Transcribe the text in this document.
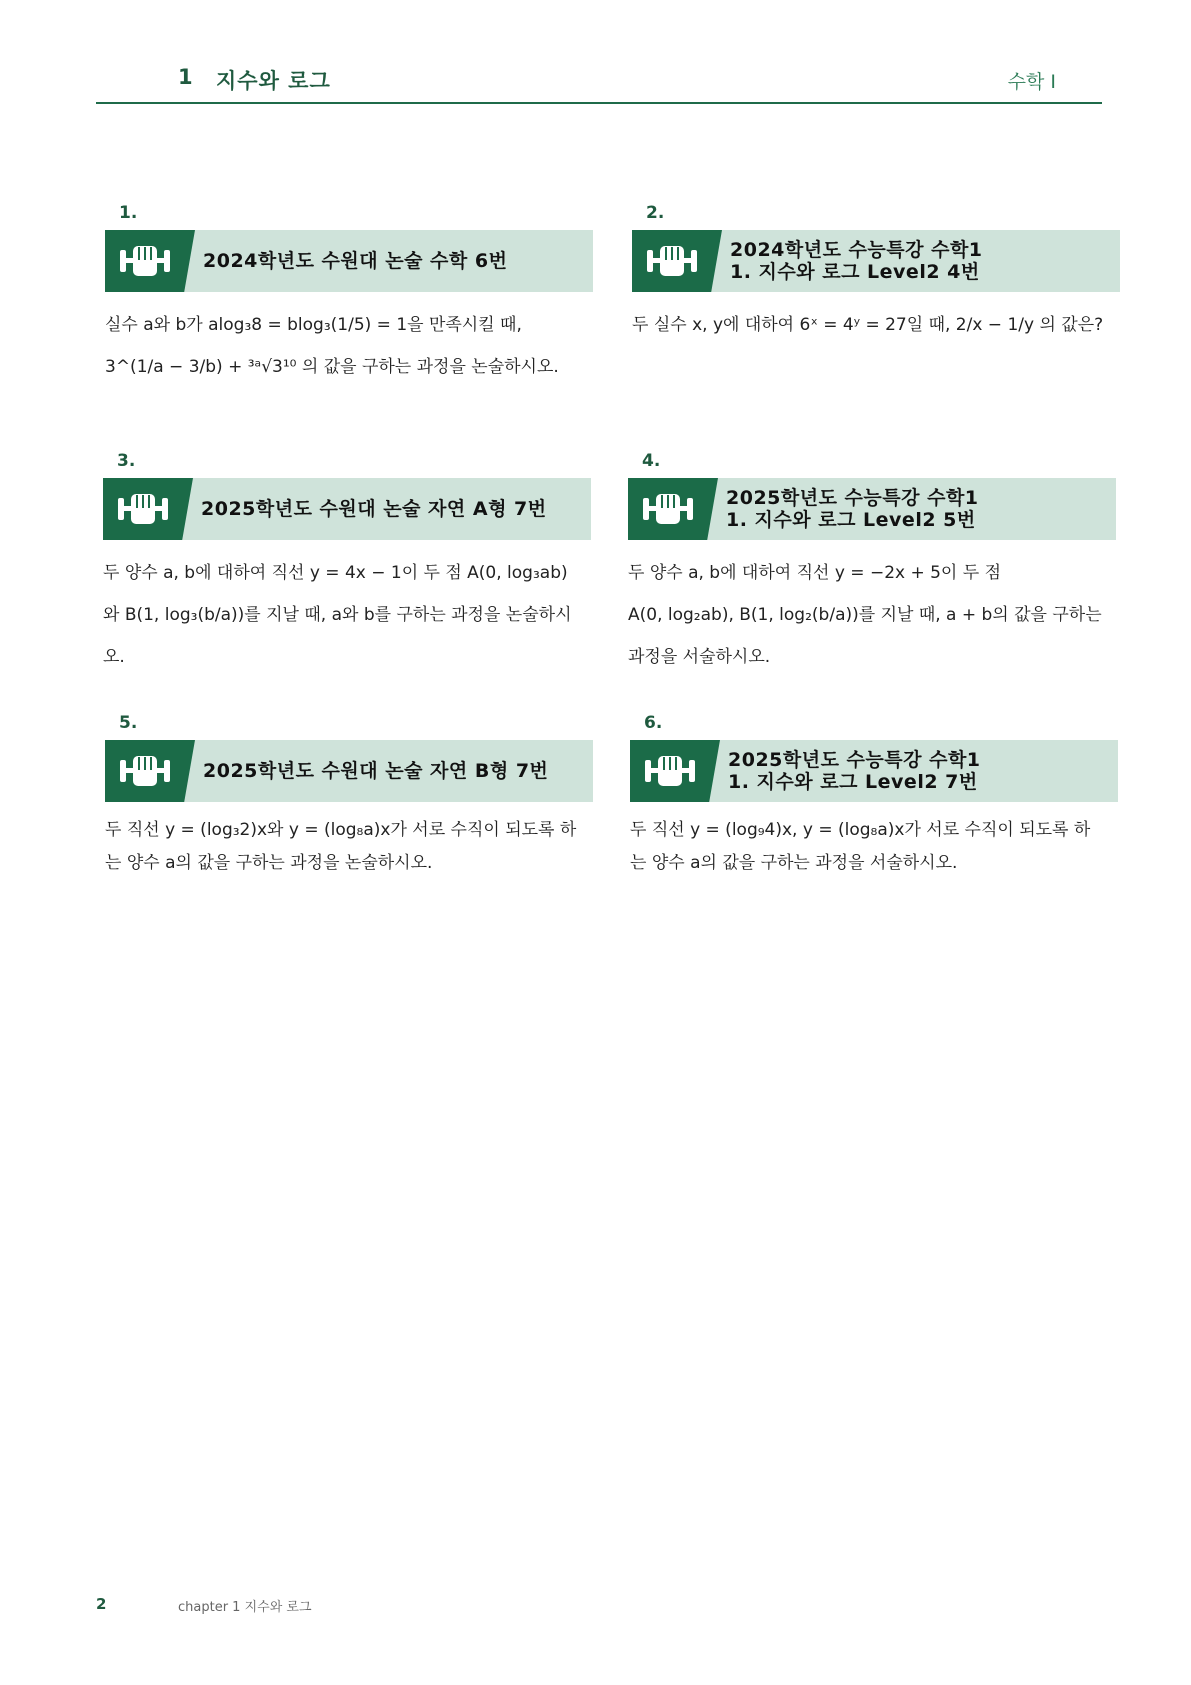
1 지수와 로그	수학 I
1.
2024학년도 수원대 논술 수학 6번
실수 a와 b가 alog₃8 = blog₃(1/5) = 1을 만족시킬 때,
3^(1/a − 3/b) + ³ᵃ√3¹⁰ 의 값을 구하는 과정을 논술하시오.
2.
2024학년도 수능특강 수학1
1. 지수와 로그 Level2 4번
두 실수 x, y에 대하여 6ˣ = 4ʸ = 27일 때, 2/x − 1/y 의 값은?
3.
2025학년도 수원대 논술 자연 A형 7번
두 양수 a, b에 대하여 직선 y = 4x − 1이 두 점 A(0, log₃ab)
와 B(1, log₃(b/a))를 지날 때, a와 b를 구하는 과정을 논술하시
오.
4.
2025학년도 수능특강 수학1
1. 지수와 로그 Level2 5번
두 양수 a, b에 대하여 직선 y = −2x + 5이 두 점
A(0, log₂ab), B(1, log₂(b/a))를 지날 때, a + b의 값을 구하는
과정을 서술하시오.
5.
2025학년도 수원대 논술 자연 B형 7번
두 직선 y = (log₃2)x와 y = (log₈a)x가 서로 수직이 되도록 하
는 양수 a의 값을 구하는 과정을 논술하시오.
6.
2025학년도 수능특강 수학1
1. 지수와 로그 Level2 7번
두 직선 y = (log₉4)x, y = (log₈a)x가 서로 수직이 되도록 하
는 양수 a의 값을 구하는 과정을 서술하시오.
2	chapter 1 지수와 로그
